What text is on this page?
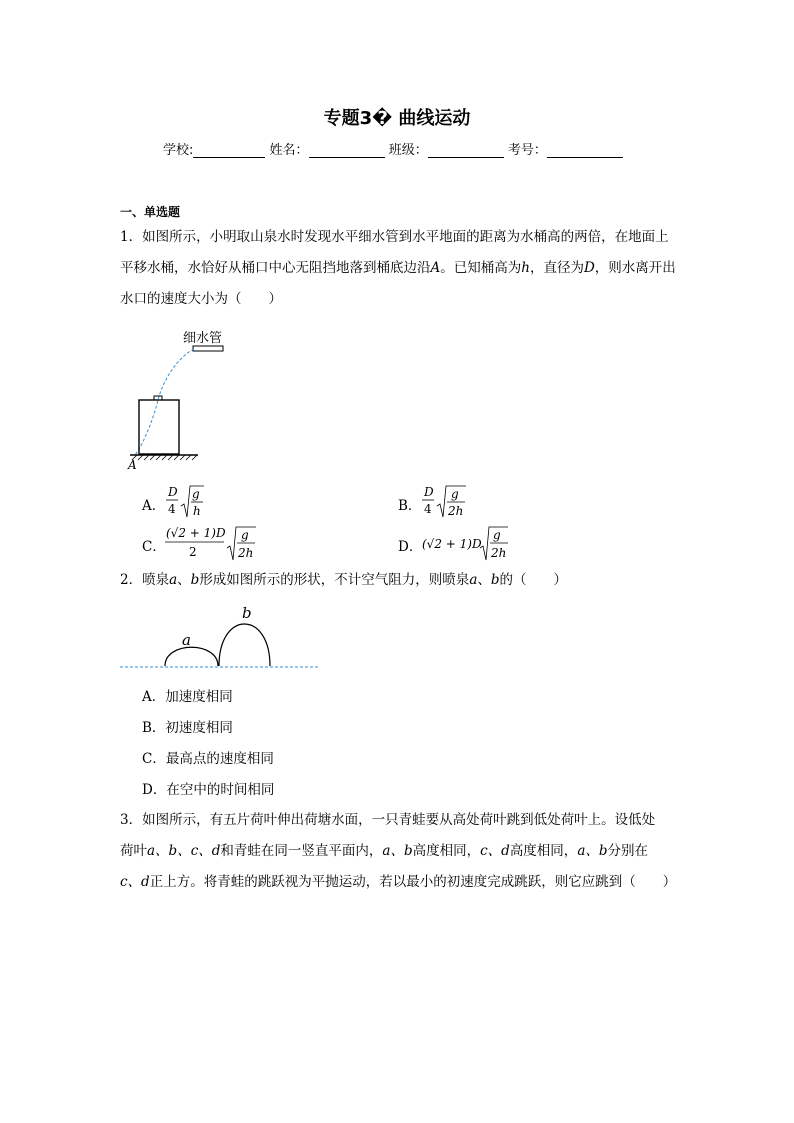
专题3� 曲线运动
学校:	姓名：	班级：	考号：
一、单选题
1．如图所示，小明取山泉水时发现水平细水管到水平地面的距离为水桶高的两倍，在地面上平移水桶，水恰好从桶口中心无阻挡地落到桶底边沿A。已知桶高为h，直径为D，则水离开出水口的速度大小为（　　）
细水管
A
A．
D
4
g
h	B．
D
4
g
2h
C．
(√2 + 1)D
2
g
2h	D． (√2 + 1)D
g
2h
2．喷泉a、b形成如图所示的形状，不计空气阻力，则喷泉a、b的（　　）
b
a
A．加速度相同
B．初速度相同
C．最高点的速度相同
D．在空中的时间相同
3．如图所示，有五片荷叶伸出荷塘水面，一只青蛙要从高处荷叶跳到低处荷叶上。设低处
荷叶a、b、c、d和青蛙在同一竖直平面内，a、b高度相同，c、d高度相同，a、b分别在
c、d正上方。将青蛙的跳跃视为平抛运动，若以最小的初速度完成跳跃，则它应跳到（　　）
